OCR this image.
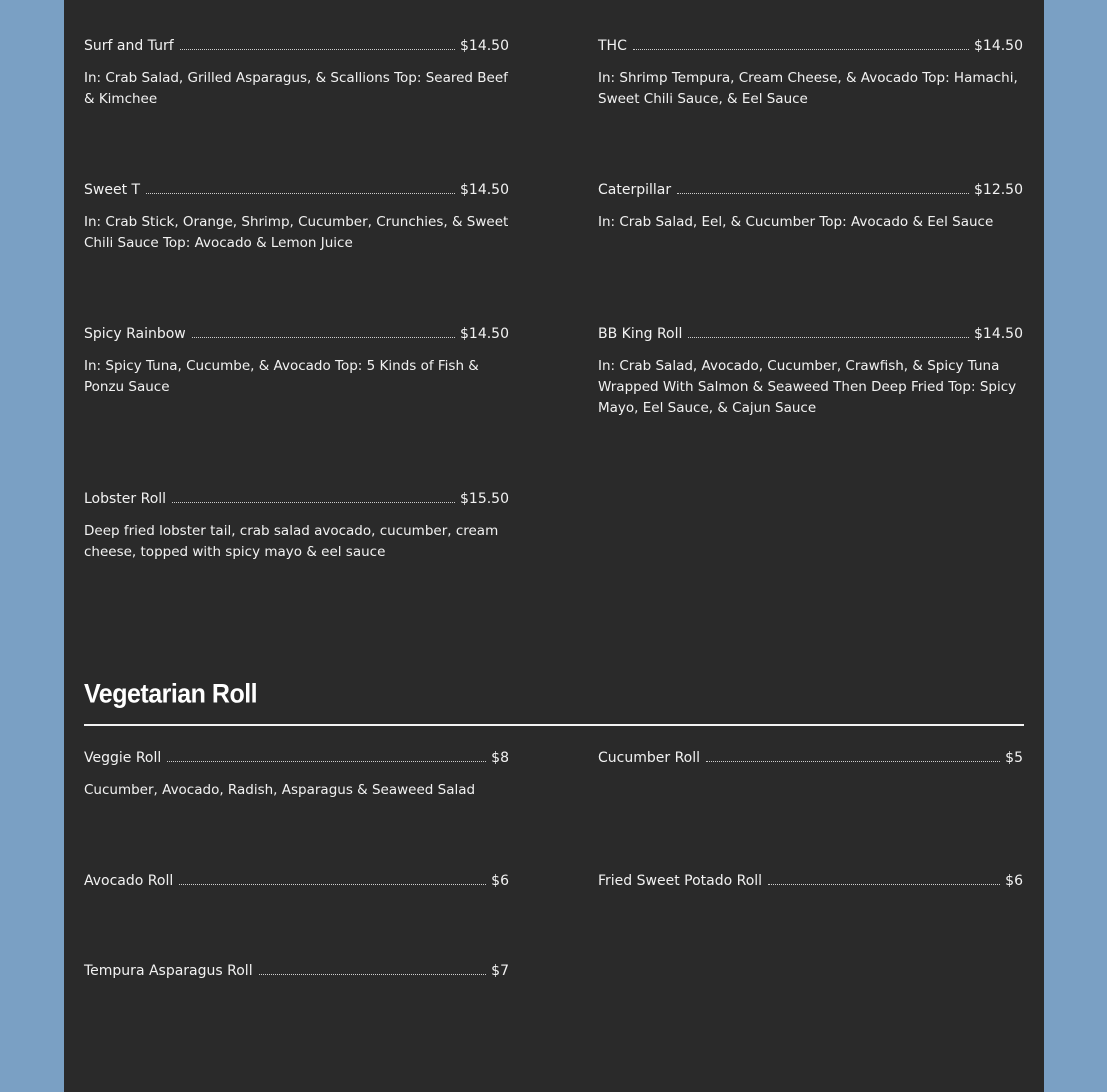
Surf and Turf	$14.50
In: Crab Salad, Grilled Asparagus, & Scallions Top: Seared Beef & Kimchee
THC	$14.50
In: Shrimp Tempura, Cream Cheese, & Avocado Top: Hamachi, Sweet Chili Sauce, & Eel Sauce
Sweet T	$14.50
In: Crab Stick, Orange, Shrimp, Cucumber, Crunchies, & Sweet Chili Sauce Top: Avocado & Lemon Juice
Caterpillar	$12.50
In: Crab Salad, Eel, & Cucumber Top: Avocado & Eel Sauce
Spicy Rainbow	$14.50
In: Spicy Tuna, Cucumbe, & Avocado Top: 5 Kinds of Fish & Ponzu Sauce
BB King Roll	$14.50
In: Crab Salad, Avocado, Cucumber, Crawfish, & Spicy Tuna Wrapped With Salmon & Seaweed Then Deep Fried Top: Spicy Mayo, Eel Sauce, & Cajun Sauce
Lobster Roll	$15.50
Deep fried lobster tail, crab salad avocado, cucumber, cream cheese, topped with spicy mayo & eel sauce
Vegetarian Roll
Veggie Roll	$8
Cucumber, Avocado, Radish, Asparagus & Seaweed Salad
Cucumber Roll	$5
Avocado Roll	$6	Fried Sweet Potado Roll	$6
Tempura Asparagus Roll	$7
